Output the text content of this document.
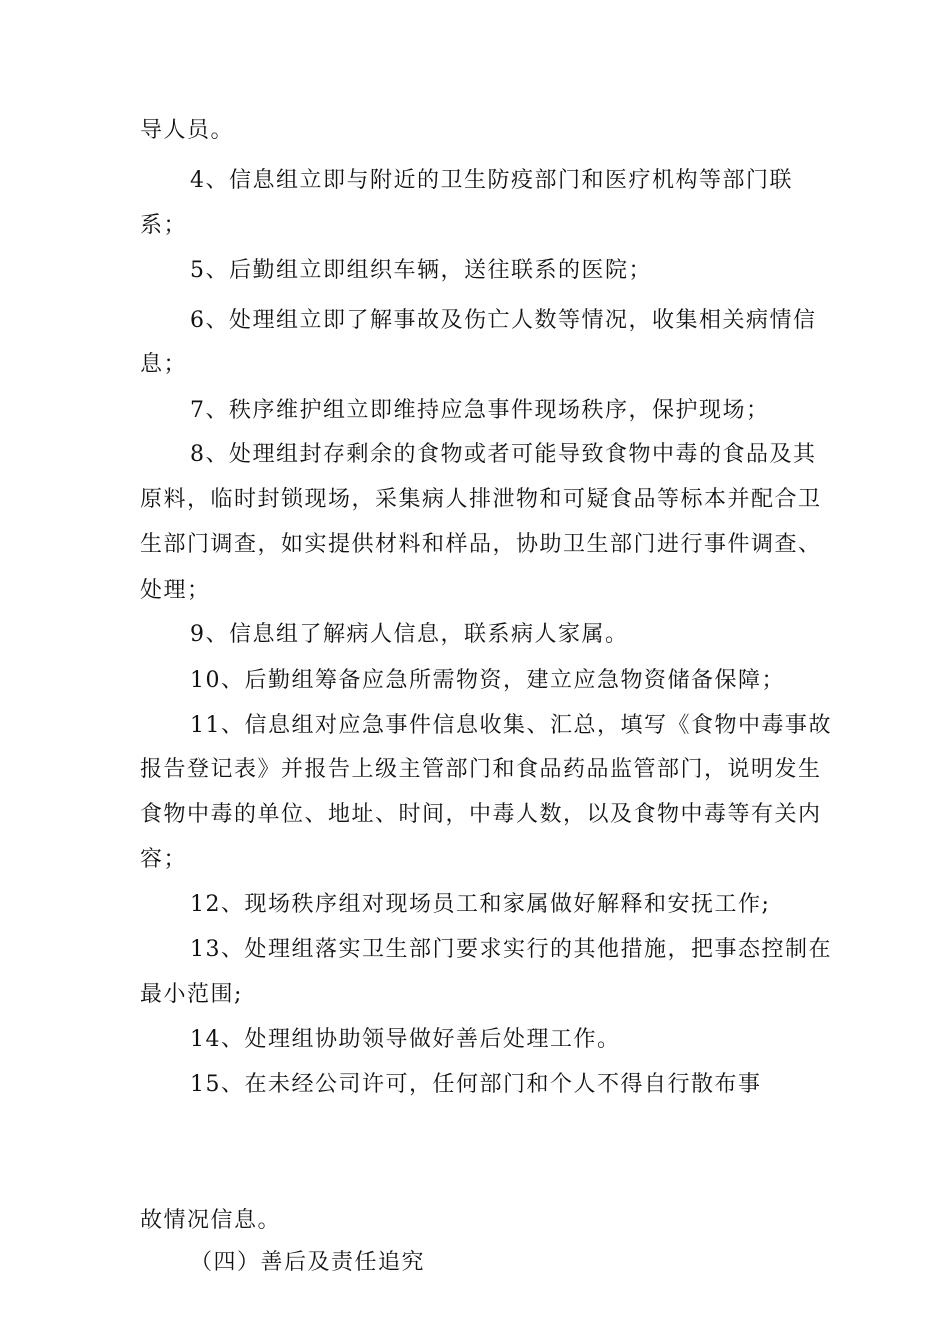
导人员。
4、信息组立即与附近的卫生防疫部门和医疗机构等部门联
系；
5、后勤组立即组织车辆，送往联系的医院；
6、处理组立即了解事故及伤亡人数等情况，收集相关病情信
息；
7、秩序维护组立即维持应急事件现场秩序，保护现场；
8、处理组封存剩余的食物或者可能导致食物中毒的食品及其
原料，临时封锁现场，采集病人排泄物和可疑食品等标本并配合卫
生部门调查，如实提供材料和样品，协助卫生部门进行事件调查、
处理；
9、信息组了解病人信息，联系病人家属。
10、后勤组筹备应急所需物资，建立应急物资储备保障；
11、信息组对应急事件信息收集、汇总，填写《食物中毒事故
报告登记表》并报告上级主管部门和食品药品监管部门，说明发生
食物中毒的单位、地址、时间，中毒人数，以及食物中毒等有关内
容；
12、现场秩序组对现场员工和家属做好解释和安抚工作;
13、处理组落实卫生部门要求实行的其他措施，把事态控制在
最小范围;
14、处理组协助领导做好善后处理工作。
15、在未经公司许可，任何部门和个人不得自行散布事
故情况信息。
（四）善后及责任追究
